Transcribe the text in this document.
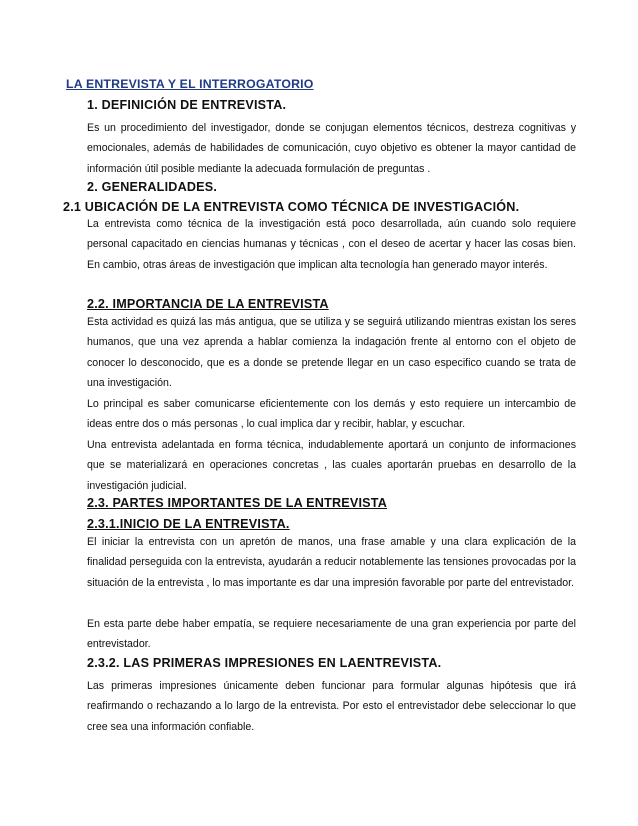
LA ENTREVISTA Y EL INTERROGATORIO
1. DEFINICIÓN DE ENTREVISTA.
Es un procedimiento del investigador, donde se conjugan elementos técnicos, destreza cognitivas y emocionales, además de habilidades de comunicación, cuyo objetivo es obtener la mayor cantidad de información útil posible mediante la adecuada formulación de preguntas .
2. GENERALIDADES.
2.1 UBICACIÓN DE LA ENTREVISTA COMO TÉCNICA DE INVESTIGACIÓN.
La entrevista como técnica de la investigación está poco desarrollada, aún cuando solo requiere personal capacitado en ciencias humanas y técnicas , con el deseo de acertar y hacer las cosas bien. En cambio, otras áreas de investigación que implican alta tecnología han generado mayor interés.
2.2. IMPORTANCIA DE LA ENTREVISTA
Esta actividad es quizá las más antigua, que se utiliza y se seguirá utilizando mientras existan los seres humanos, que una vez aprenda a hablar comienza la indagación frente al entorno con el objeto de conocer lo desconocido, que es a donde se pretende llegar en un caso especifico cuando se trata de una investigación.
Lo principal es saber comunicarse eficientemente con los demás y esto requiere un intercambio de ideas entre dos o más personas , lo cual implica dar y recibir, hablar, y escuchar.
Una entrevista adelantada en forma técnica, indudablemente aportará un conjunto de informaciones que se materializará en operaciones concretas , las cuales aportarán pruebas en desarrollo de la investigación judicial.
2.3. PARTES IMPORTANTES DE LA ENTREVISTA
2.3.1.INICIO DE LA ENTREVISTA.
El iniciar la entrevista con un apretón de manos, una frase amable y una clara explicación de la finalidad perseguida con la entrevista, ayudarán a reducir notablemente las tensiones provocadas por la situación de la entrevista , lo mas importante es dar una impresión favorable por parte del entrevistador.
En esta parte debe haber empatía, se requiere necesariamente de una gran experiencia por parte del entrevistador.
2.3.2. LAS PRIMERAS IMPRESIONES EN LAENTREVISTA.
Las primeras impresiones únicamente deben funcionar para formular algunas hipótesis que irá reafirmando o rechazando a lo largo de la entrevista. Por esto el entrevistador debe seleccionar lo que cree sea una información confiable.
